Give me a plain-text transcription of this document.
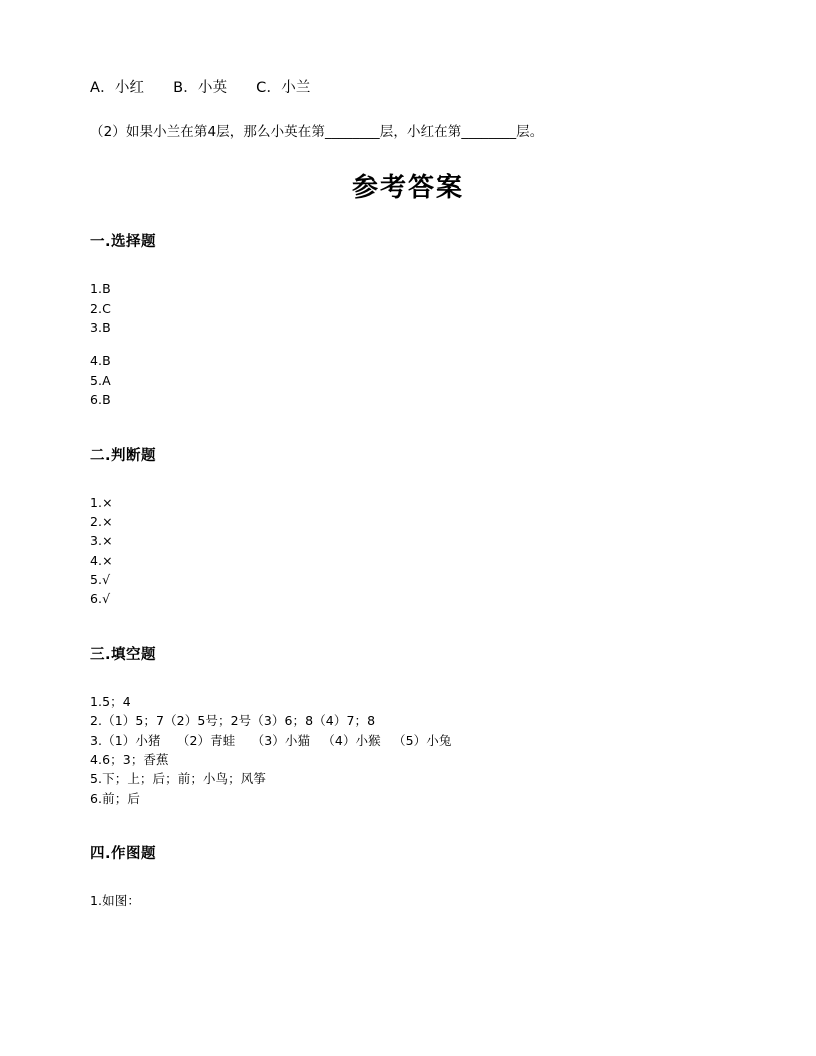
A．小红      B．小英      C．小兰
（2）如果小兰在第4层，那么小英在第________层，小红在第________层。
参考答案
一.选择题
1.B
2.C
3.B
4.B
5.A
6.B
二.判断题
1.×
2.×
3.×
4.×
5.√
6.√
三.填空题
1.5；4
2.（1）5；7（2）5号；2号（3）6；8（4）7；8
3.（1）小猪    （2）青蛙    （3）小猫   （4）小猴   （5）小兔
4.6；3；香蕉
5.下；上；后；前；小鸟；风筝
6.前；后
四.作图题
1.如图：
